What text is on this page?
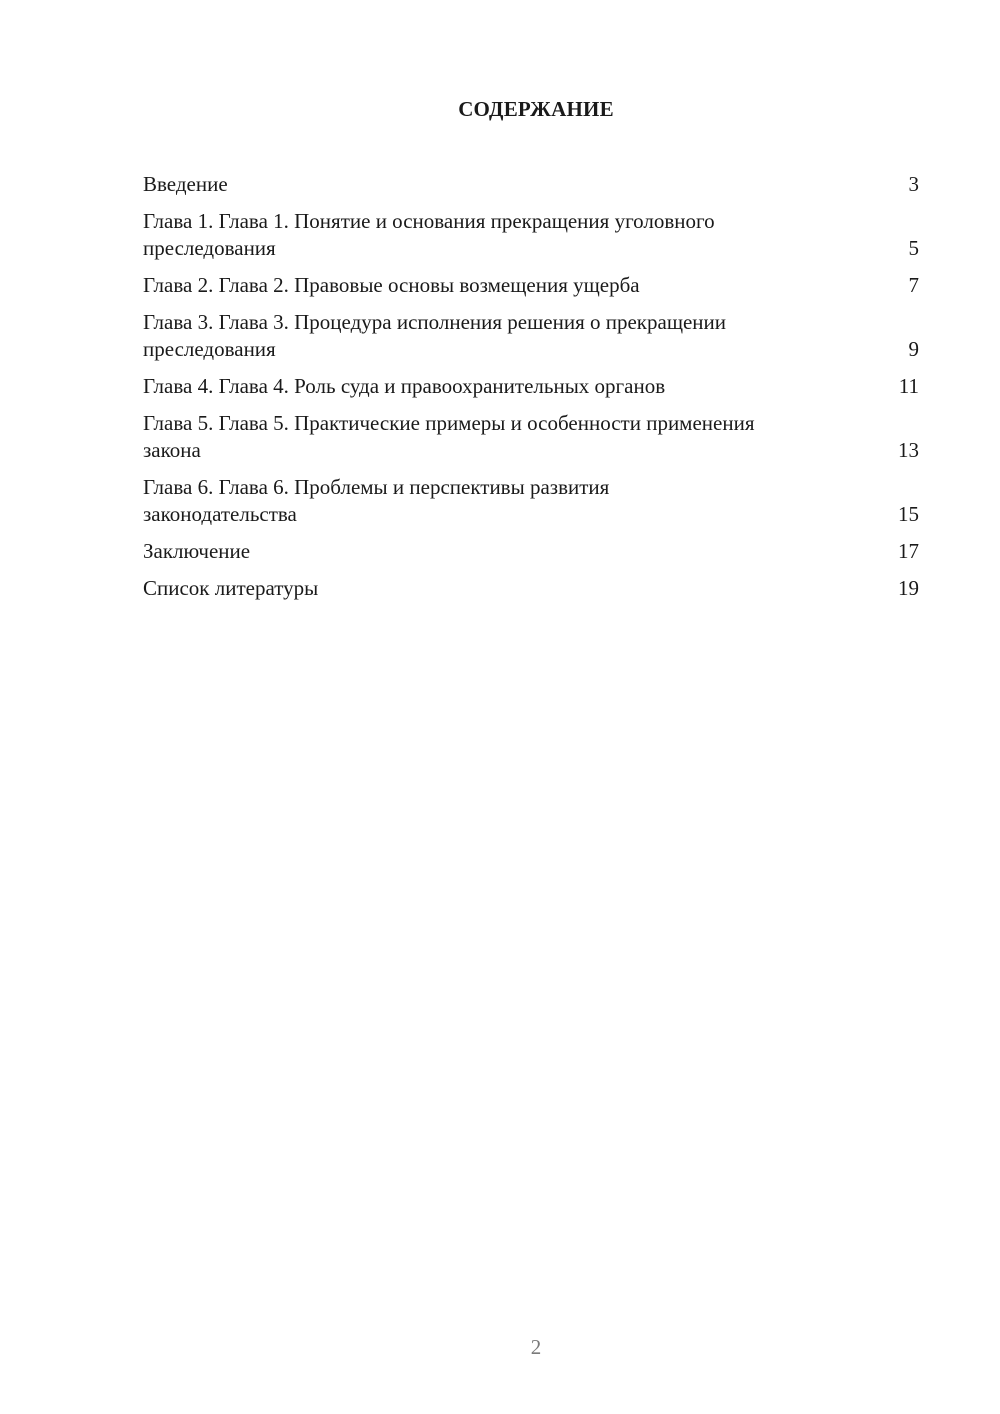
СОДЕРЖАНИЕ
Введение	3
Глава 1. Глава 1. Понятие и основания прекращения уголовного преследования	5
Глава 2. Глава 2. Правовые основы возмещения ущерба	7
Глава 3. Глава 3. Процедура исполнения решения о прекращении преследования	9
Глава 4. Глава 4. Роль суда и правоохранительных органов	11
Глава 5. Глава 5. Практические примеры и особенности применения закона	13
Глава 6. Глава 6. Проблемы и перспективы развития законодательства	15
Заключение	17
Список литературы	19
2
